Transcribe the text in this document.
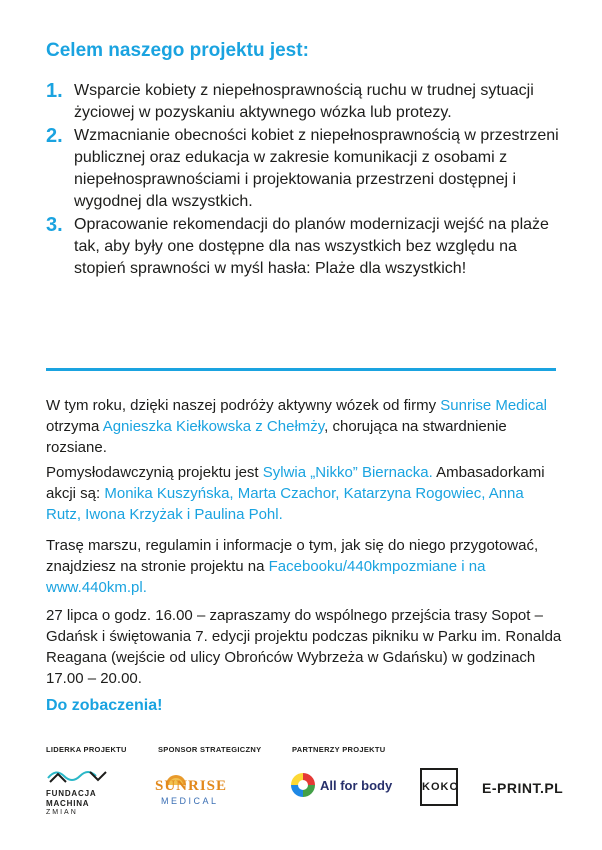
Celem naszego projektu jest:
1. Wsparcie kobiety z niepełnosprawnością ruchu w trudnej sytuacji życiowej w pozyskaniu aktywnego wózka lub protezy.
2. Wzmacnianie obecności kobiet z niepełnosprawnością w przestrzeni publicznej oraz edukacja w zakresie komunikacji z osobami z niepełnosprawnościami i projektowania przestrzeni dostępnej i wygodnej dla wszystkich.
3. Opracowanie rekomendacji do planów modernizacji wejść na plaże tak, aby były one dostępne dla nas wszystkich bez względu na stopień sprawności w myśl hasła: Plaże dla wszystkich!
W tym roku, dzięki naszej podróży aktywny wózek od firmy Sunrise Medical otrzyma Agnieszka Kiełkowska z Chełmży, chorująca na stwardnienie rozsiane.
Pomysłodawczynią projektu jest Sylwia „Nikko” Biernacka. Ambasadorkami akcji są: Monika Kuszyńska, Marta Czachor, Katarzyna Rogowiec, Anna Rutz, Iwona Krzyżak i Paulina Pohl.
Trasę marszu, regulamin i informacje o tym, jak się do niego przygotować, znajdziesz na stronie projektu na Facebooku/440kmpozmiane i na www.440km.pl.
27 lipca o godz. 16.00 – zapraszamy do wspólnego przejścia trasy Sopot – Gdańsk i świętowania 7. edycji projektu podczas pikniku w Parku im. Ronalda Reagana (wejście od ulicy Obrońców Wybrzeża w Gdańsku) w godzinach 17.00 – 20.00.
Do zobaczenia!
LIDERKA PROJEKTU	SPONSOR STRATEGICZNY	PARTNERZY PROJEKTU
FUNDACJA
MACHINA
ZMIAN
SUNRISE
MEDICAL
All for body	KOKO E-PRINT.PL
